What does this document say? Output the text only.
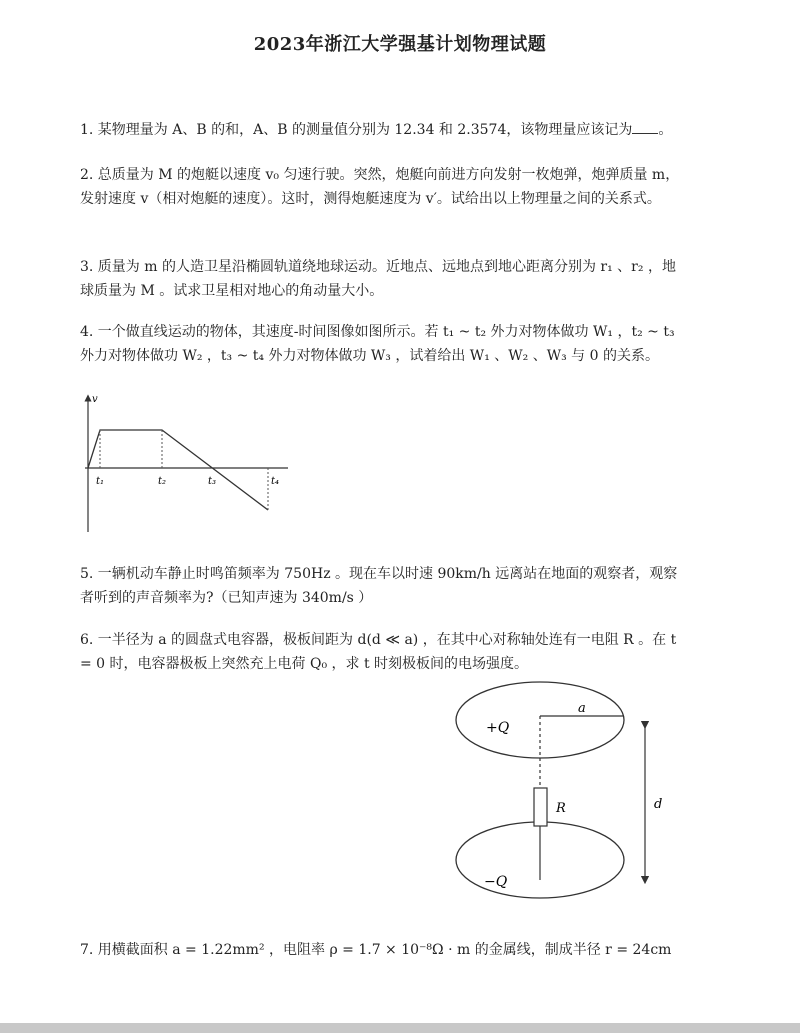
2023年浙江大学强基计划物理试题

1. 某物理量为 A、B 的和，A、B 的测量值分别为 12.34 和 2.3574，该物理量应该记为 。

2. 总质量为 M 的炮艇以速度 v₀ 匀速行驶。突然，炮艇向前进方向发射一枚炮弹，炮弹质量 m，发射速度 v（相对炮艇的速度）。这时，测得炮艇速度为 v′。试给出以上物理量之间的关系式。

3. 质量为 m 的人造卫星沿椭圆轨道绕地球运动。近地点、远地点到地心距离分别为 r₁ 、r₂ ，地球质量为 M 。试求卫星相对地心的角动量大小。

4. 一个做直线运动的物体，其速度-时间图像如图所示。若 t₁ ~ t₂ 外力对物体做功 W₁ ，t₂ ~ t₃ 外力对物体做功 W₂ ，t₃ ~ t₄ 外力对物体做功 W₃ ，试着给出 W₁ 、W₂ 、W₃ 与 0 的关系。

v
t₁	t₂	t₃	t₄

5. 一辆机动车静止时鸣笛频率为 750Hz 。现在车以时速 90km/h 远离站在地面的观察者，观察者听到的声音频率为?（已知声速为 340m/s ）

6. 一半径为 a 的圆盘式电容器，极板间距为 d(d ≪ a) ，在其中心对称轴处连有一电阻 R 。在 t = 0 时，电容器极板上突然充上电荷 Q₀ ，求 t 时刻极板间的电场强度。

a
+Q
R
−Q
d

7. 用横截面积 a = 1.22mm² ，电阻率 ρ = 1.7 × 10⁻⁸Ω · m 的金属线，制成半径 r = 24cm
